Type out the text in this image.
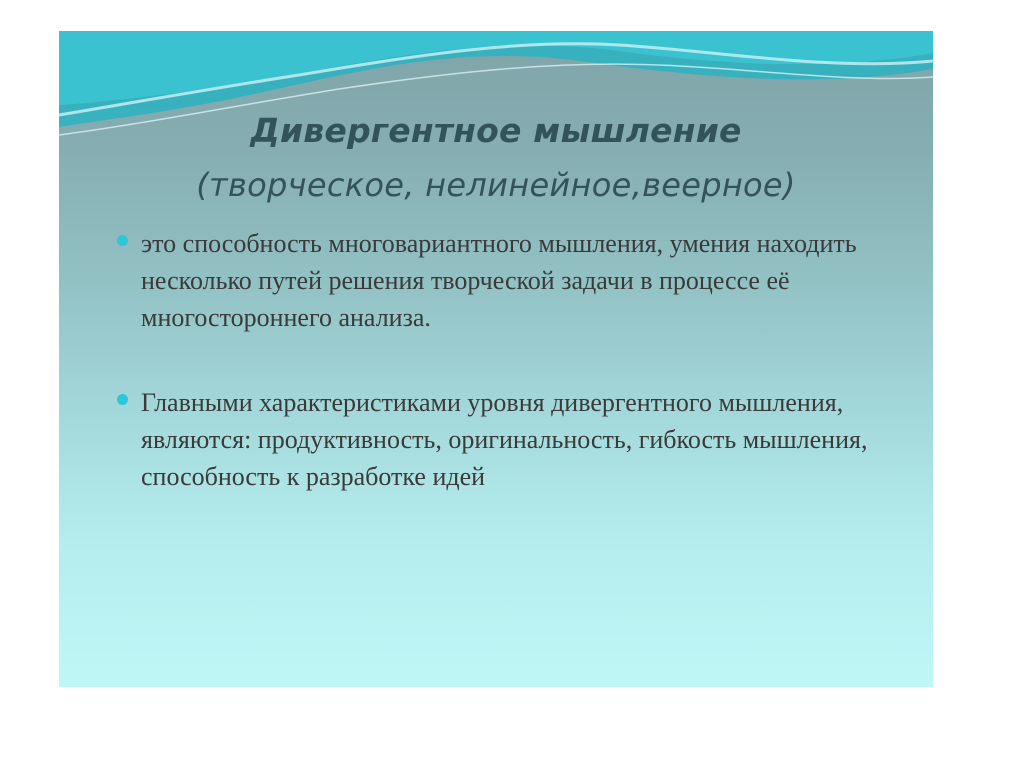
Дивергентное мышление
(творческое, нелинейное,веерное)
это способность многовариантного мышления, умения находить несколько путей решения творческой задачи в процессе её многостороннего анализа.
Главными характеристиками уровня дивергентного мышления, являются: продуктивность, оригинальность, гибкость мышления, способность к разработке идей
